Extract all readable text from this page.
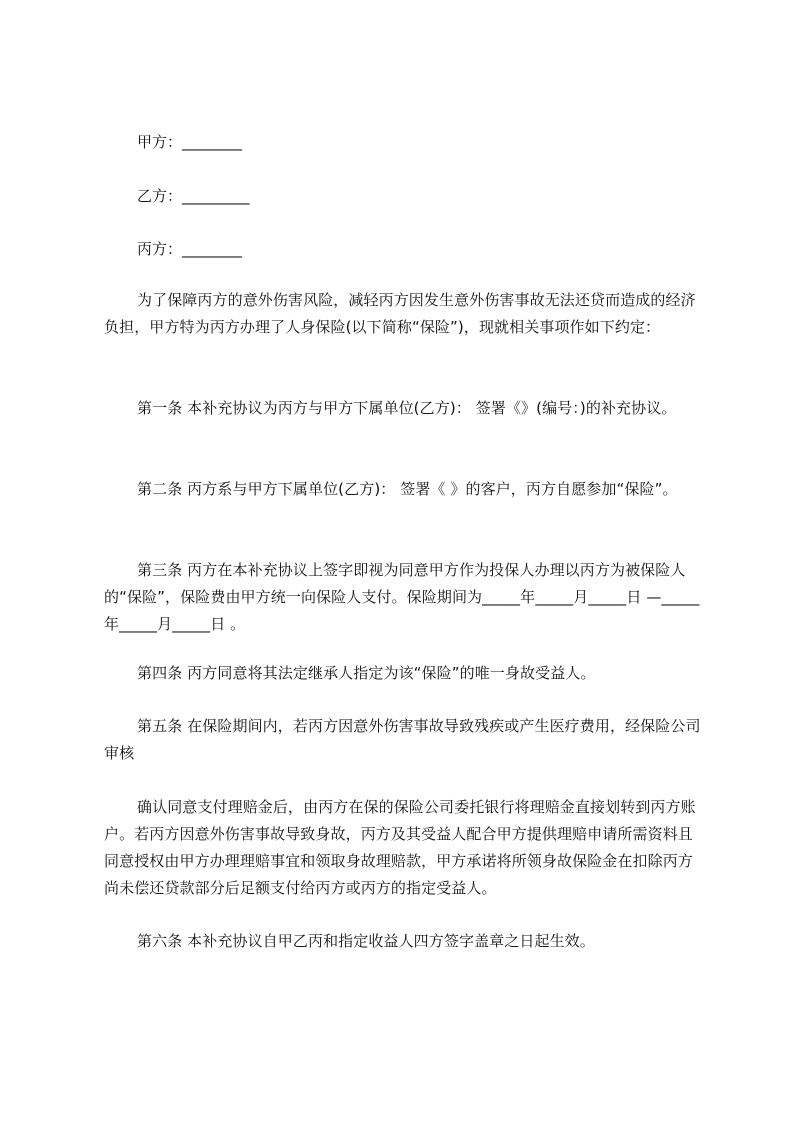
甲方：________
乙方：_________
丙方：________
为了保障丙方的意外伤害风险，减轻丙方因发生意外伤害事故无法还贷而造成的经济负担，甲方特为丙方办理了人身保险(以下简称“保险”)，现就相关事项作如下约定：
第一条 本补充协议为丙方与甲方下属单位(乙方)： 签署《》(编号：)的补充协议。
第二条 丙方系与甲方下属单位(乙方)： 签署《 》的客户，丙方自愿参加“保险”。
第三条 丙方在本补充协议上签字即视为同意甲方作为投保人办理以丙方为被保险人的“保险”，保险费由甲方统一向保险人支付。保险期间为_____年_____月_____日 —_____年_____月_____日 。
第四条 丙方同意将其法定继承人指定为该“保险”的唯一身故受益人。
第五条 在保险期间内，若丙方因意外伤害事故导致残疾或产生医疗费用，经保险公司审核
确认同意支付理赔金后，由丙方在保的保险公司委托银行将理赔金直接划转到丙方账户。若丙方因意外伤害事故导致身故，丙方及其受益人配合甲方提供理赔申请所需资料且同意授权由甲方办理理赔事宜和领取身故理赔款，甲方承诺将所领身故保险金在扣除丙方尚未偿还贷款部分后足额支付给丙方或丙方的指定受益人。
第六条 本补充协议自甲乙丙和指定收益人四方签字盖章之日起生效。
